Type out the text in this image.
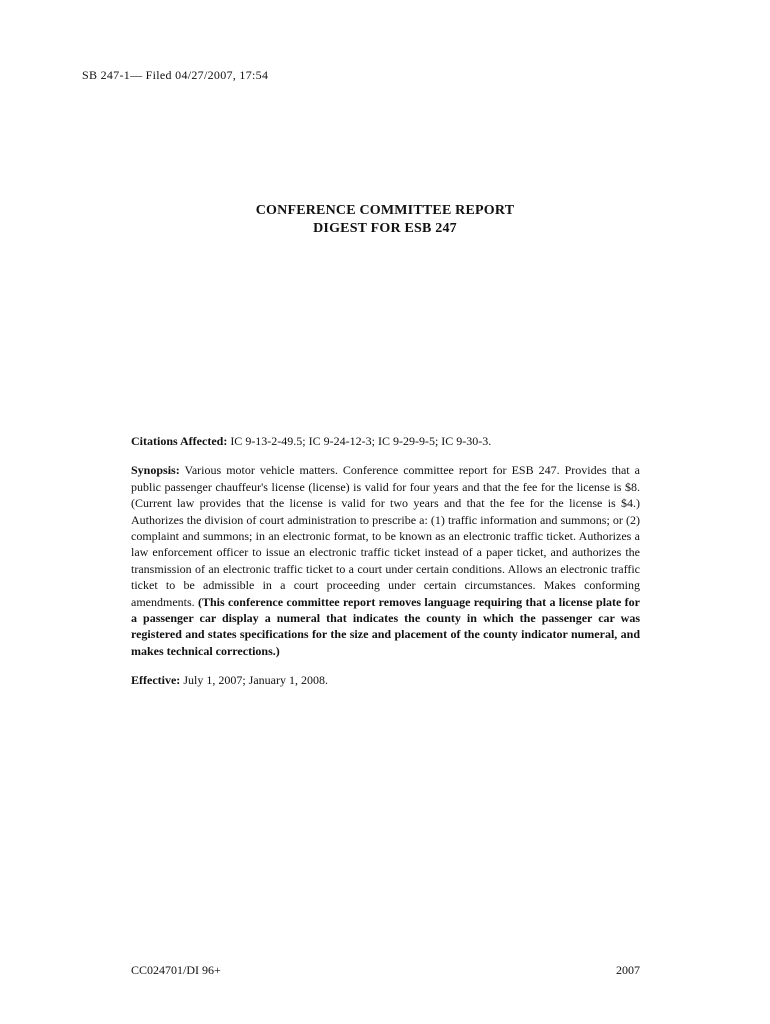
SB 247-1— Filed 04/27/2007, 17:54
CONFERENCE COMMITTEE REPORT
DIGEST FOR ESB 247

Citations Affected: IC 9-13-2-49.5; IC 9-24-12-3; IC 9-29-9-5; IC 9-30-3.

Synopsis: Various motor vehicle matters. Conference committee report for ESB 247. Provides that a public passenger chauffeur's license (license) is valid for four years and that the fee for the license is $8. (Current law provides that the license is valid for two years and that the fee for the license is $4.) Authorizes the division of court administration to prescribe a: (1) traffic information and summons; or (2) complaint and summons; in an electronic format, to be known as an electronic traffic ticket. Authorizes a law enforcement officer to issue an electronic traffic ticket instead of a paper ticket, and authorizes the transmission of an electronic traffic ticket to a court under certain conditions. Allows an electronic traffic ticket to be admissible in a court proceeding under certain circumstances. Makes conforming amendments. (This conference committee report removes language requiring that a license plate for a passenger car display a numeral that indicates the county in which the passenger car was registered and states specifications for the size and placement of the county indicator numeral, and makes technical corrections.)

Effective: July 1, 2007; January 1, 2008.

CC024701/DI 96+	2007
